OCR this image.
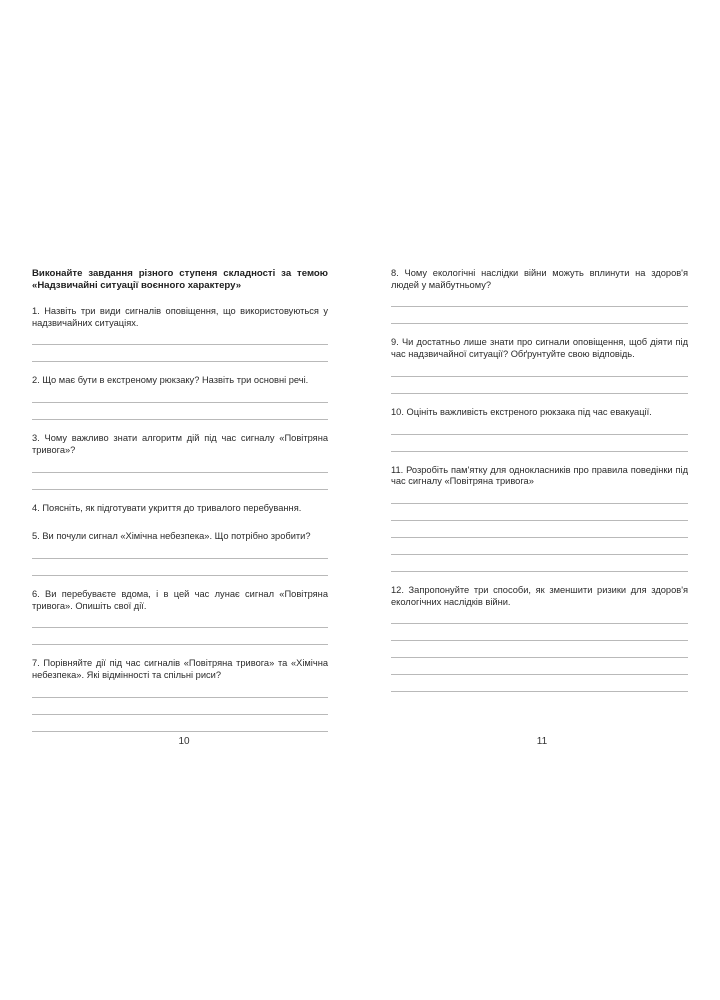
Виконайте завдання різного ступеня складності за темою «Надзвичайні ситуації воєнного характеру»

1. Назвіть три види сигналів оповіщення, що використовуються у надзвичайних ситуаціях.

2. Що має бути в екстреному рюкзаку? Назвіть три основні речі.

3. Чому важливо знати алгоритм дій під час сигналу «Повітряна тривога»?

4. Поясніть, як підготувати укриття до тривалого перебування.

5. Ви почули сигнал «Хімічна небезпека». Що потрібно зробити?

6. Ви перебуваєте вдома, і в цей час лунає сигнал «Повітряна тривога». Опишіть свої дії.

7. Порівняйте дії під час сигналів «Повітряна тривога» та «Хімічна небезпека». Які відмінності та спільні риси?

8. Чому екологічні наслідки війни можуть вплинути на здоров'я людей у майбутньому?

9. Чи достатньо лише знати про сигнали оповіщення, щоб діяти під час надзвичайної ситуації? Обґрунтуйте свою відповідь.

10. Оцініть важливість екстреного рюкзака під час евакуації.

11. Розробіть пам'ятку для однокласників про правила поведінки під час сигналу «Повітряна тривога»

12. Запропонуйте три способи, як зменшити ризики для здоров'я екологічних наслідків війни.

10	11
